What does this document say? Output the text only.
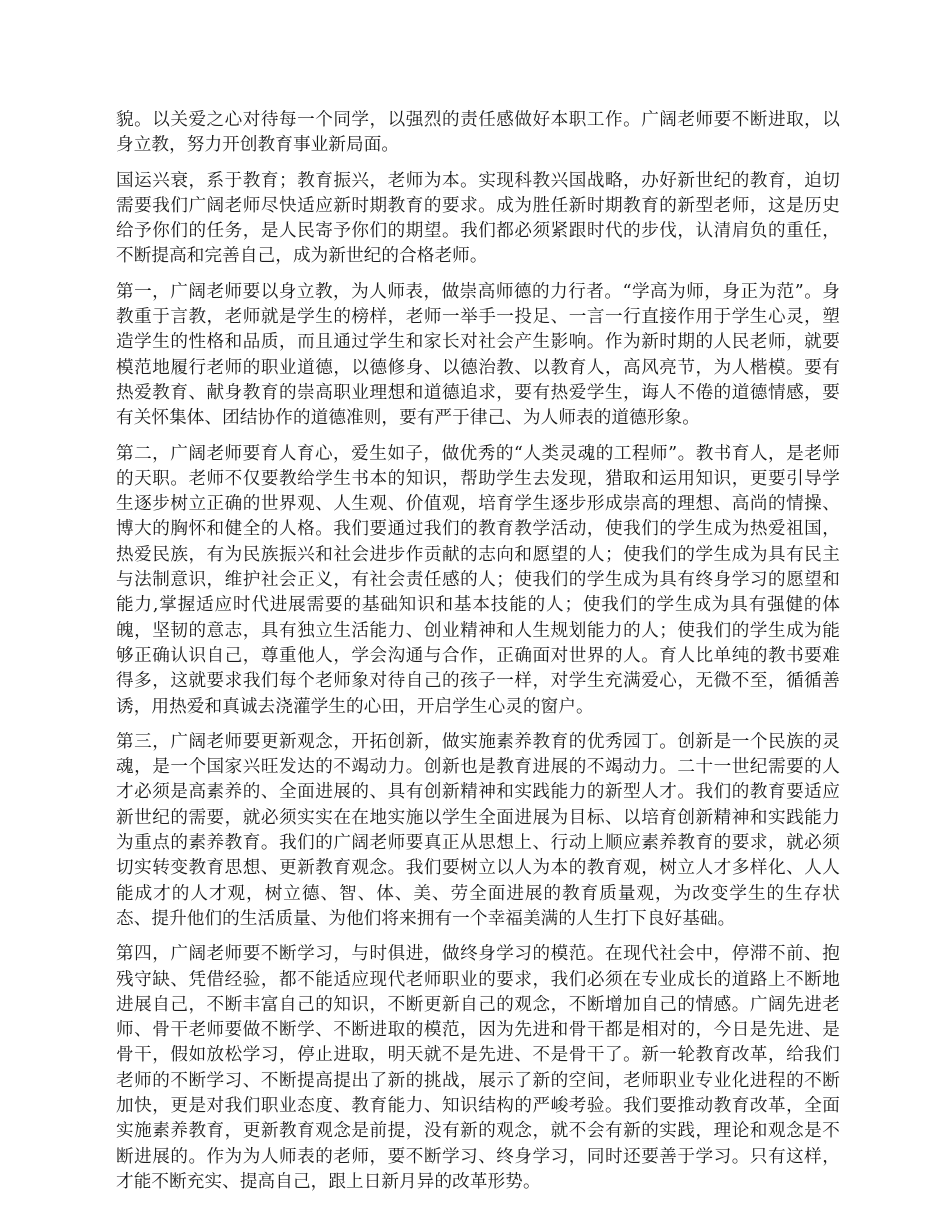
貌。以关爱之心对待每一个同学，以强烈的责任感做好本职工作。广阔老师要不断进取，以身立教，努力开创教育事业新局面。

国运兴衰，系于教育；教育振兴，老师为本。实现科教兴国战略，办好新世纪的教育，迫切需要我们广阔老师尽快适应新时期教育的要求。成为胜任新时期教育的新型老师，这是历史给予你们的任务，是人民寄予你们的期望。我们都必须紧跟时代的步伐，认清肩负的重任，不断提高和完善自己，成为新世纪的合格老师。

第一，广阔老师要以身立教，为人师表，做崇高师德的力行者。“学高为师，身正为范”。身教重于言教，老师就是学生的榜样，老师一举手一投足、一言一行直接作用于学生心灵，塑造学生的性格和品质，而且通过学生和家长对社会产生影响。作为新时期的人民老师，就要模范地履行老师的职业道德，以德修身、以德治教、以教育人，高风亮节，为人楷模。要有热爱教育、献身教育的崇高职业理想和道德追求，要有热爱学生，诲人不倦的道德情感，要有关怀集体、团结协作的道德准则，要有严于律己、为人师表的道德形象。

第二，广阔老师要育人育心，爱生如子，做优秀的“人类灵魂的工程师”。教书育人，是老师的天职。老师不仅要教给学生书本的知识，帮助学生去发现，猎取和运用知识，更要引导学生逐步树立正确的世界观、人生观、价值观，培育学生逐步形成崇高的理想、高尚的情操、博大的胸怀和健全的人格。我们要通过我们的教育教学活动，使我们的学生成为热爱祖国，热爱民族，有为民族振兴和社会进步作贡献的志向和愿望的人；使我们的学生成为具有民主与法制意识，维护社会正义，有社会责任感的人；使我们的学生成为具有终身学习的愿望和能力,掌握适应时代进展需要的基础知识和基本技能的人；使我们的学生成为具有强健的体魄，坚韧的意志，具有独立生活能力、创业精神和人生规划能力的人；使我们的学生成为能够正确认识自己，尊重他人，学会沟通与合作，正确面对世界的人。育人比单纯的教书要难得多，这就要求我们每个老师象对待自己的孩子一样，对学生充满爱心，无微不至，循循善诱，用热爱和真诚去浇灌学生的心田，开启学生心灵的窗户。

第三，广阔老师要更新观念，开拓创新，做实施素养教育的优秀园丁。创新是一个民族的灵魂，是一个国家兴旺发达的不竭动力。创新也是教育进展的不竭动力。二十一世纪需要的人才必须是高素养的、全面进展的、具有创新精神和实践能力的新型人才。我们的教育要适应新世纪的需要，就必须实实在在地实施以学生全面进展为目标、以培育创新精神和实践能力为重点的素养教育。我们的广阔老师要真正从思想上、行动上顺应素养教育的要求，就必须切实转变教育思想、更新教育观念。我们要树立以人为本的教育观，树立人才多样化、人人能成才的人才观，树立德、智、体、美、劳全面进展的教育质量观，为改变学生的生存状态、提升他们的生活质量、为他们将来拥有一个幸福美满的人生打下良好基础。

第四，广阔老师要不断学习，与时俱进，做终身学习的模范。在现代社会中，停滞不前、抱残守缺、凭借经验，都不能适应现代老师职业的要求，我们必须在专业成长的道路上不断地进展自己，不断丰富自己的知识，不断更新自己的观念，不断增加自己的情感。广阔先进老师、骨干老师要做不断学、不断进取的模范，因为先进和骨干都是相对的，今日是先进、是骨干，假如放松学习，停止进取，明天就不是先进、不是骨干了。新一轮教育改革，给我们老师的不断学习、不断提高提出了新的挑战，展示了新的空间，老师职业专业化进程的不断加快，更是对我们职业态度、教育能力、知识结构的严峻考验。我们要推动教育改革，全面实施素养教育，更新教育观念是前提，没有新的观念，就不会有新的实践，理论和观念是不断进展的。作为为人师表的老师，要不断学习、终身学习，同时还要善于学习。只有这样，才能不断充实、提高自己，跟上日新月异的改革形势。
